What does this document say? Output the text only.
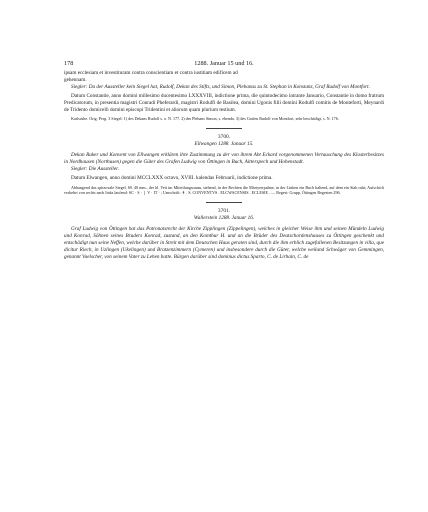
178	1288. Januar 15 und 16.

ipsam ecclesiam et investituram contra conscientiam et contra iustitiam edificem ad

gehennam.

Siegler: Da der Aussteller kein Siegel hat, Rudolf, Dekan des Stifts, und Simon, Plebanus zu St. Stephan in Konstanz, Graf Rudolf von Montfort.

Datum Constantie, anno domini millesimo ducentesimo LXXXVIII, indictione prima, die quintodecimo intrante Januario, Constantie in domo fratrum Predicatorum, in presentia magistri Conradi Pheferardi, magistri Rodulfi de Basilea, domini Ugonis filii domini Rodulfi comitis de Monteforti, Meynardi de Tridento domicelli domini episcopi Tridentini et aliorum quam plurium testium.

Karlsruhe. Orig. Perg. 3 Siegel: 1) des Dekans Rudolf s. o. N. 177. 2) des Plebans Simon, s. ebenda. 3) des Grafen Rudolf von Montfort, sehr beschädigt, s. N. 176.

3700.

Ellwangen 1288. Januar 15.

Dekan Ruker und Konvent von Ellwangen erklären ihre Zustimmung zu der von ihrem Abt Eckard vorgenommenen Vertauschung des Klosterbesitzes in Nordhausen (Northusen) gegen die Güter des Grafen Ludwig von Öttingen in Buch, Aitterspech und Hohenstadt.

Siegler: Die Aussteller.

Datum Elwangen, anno domini MCCLXXX octavo, XVIII. kalendas Februarii, indictione prima.

Abhangend das spitzovale Siegel, 69. 40 mm., der hl. Veit im Mitteilungsraum, stehend, in der Rechten die Märtyrerpalme, in der Linken ein Buch haltend, auf dem ein Stab ruht; Aufschrift verkehrt von rechts nach links laufend: SC · S · ❘ V · IT · ; Umschrift: ✝ . S. CONVENTVS . ELCWACENSIS . ECLESIE . — Regest: Grupp, Öttingen Regesten 296.

3701.

Wallerstein 1288. Januar 16.

Graf Ludwig von Öttingen hat das Patronatsrecht der Kirche Zipplingen (Zippelingen), welches in gleicher Weise ihm und seinen Mündeln Ludwig und Konrad, Söhnen seines Bruders Konrad, zustand, an den Komthur H. und an die Brüder des Deutschordenshauses zu Öttingen geschenkt und entschädigt nun seine Neffen, welche darüber in Streit mit dem Deutschen Haus geraten sind, durch die ihm erblich zugefallenen Besitzungen in villa, que dicitur Riech, in Uzlingen (Ukelingen) und Bratzenzimmern (Cymeren) und insbesondere durch die Güter, welche weiland Schwäger von Gemmingen, genannt Vaelscher, von seinem Vater zu Lehen hatte. Bürgen darüber sind dominus dictus Sparto, C. de Lirhain, C. de
